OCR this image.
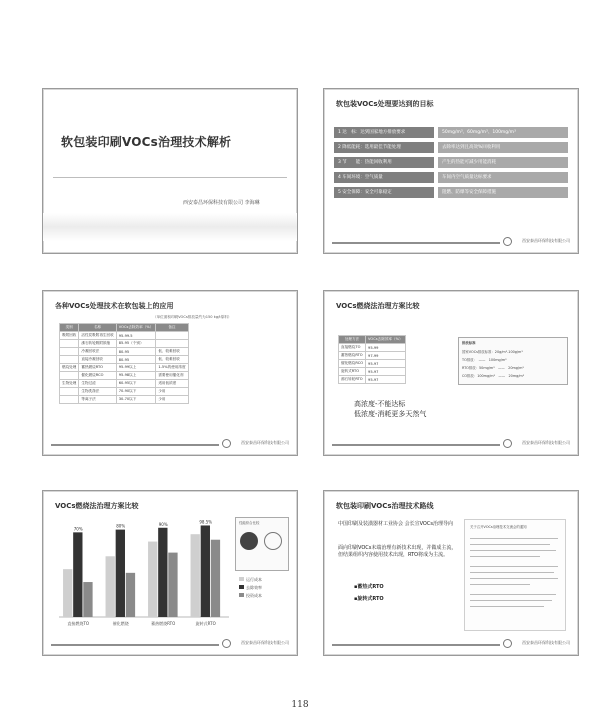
软包装印刷VOCs治理技术解析
西安泰昌环保科技有限公司 李海琳
软包装VOCs处理要达到的目标
1 达　标：达到国家地方排放要求	50mg/m³、60mg/m³、100mg/m³
2 降低能耗：选用最佳节能处理	去除率达到且高效%回收利用
3 节　　能：热能回收利用	产生的热能可减少用能消耗
4 车间环境：空气质量	车间内空气质量达标要求
5 安全保障：安全可靠稳定	阻燃、防爆等安全保障措施
西安泰昌环保科技有限公司
各种VOCs处理技术在软包装上的应用
（单位面积印刷VOCs排放量约为150 kg/t原料）
类别	名称	VOCs去除效率（%）	备注
吸附回收	活性炭吸附再生回收	95-99.5	
	沸石转轮吸附浓缩	85-95（个别）	
	冷凝回收法	80-95	低、较难回收
	直接冷凝回收	80-95	低、较难回收
燃烧处理	蓄热燃烧RTO	95-99以上	1-5%的使用浓度
	催化燃烧RCO	95-98以上	需要使用催化剂
生物处理	生物过滤	60-95以下	适用低浓度
	生物洗涤法	70-90以下	少用
	等离子法	30-70以下	少用
西安泰昌环保科技有限公司
VOCs燃烧法治理方案比较
处理方法	VOCs去除效率（%）
直接燃烧TO	95-99
蓄热燃烧RTO	97-99
催化燃烧RCO	95-97
旋转式RTO	95-97
沸石转轮RTO	95-97
排放标准
国家VOCs排放标准：20g/m³-100g/m³
TO排放：　——　100mg/m³
RTO排放：50mg/m³　——　20mg/m³
CO排放：100mg/m³　——　20mg/m³
高浓度-不能达标
低浓度-消耗更多天然气
西安泰昌环保科技有限公司
VOCs燃烧法治理方案比较
70%
直接燃烧TO
80%
催化燃烧
90%
蓄热燃烧RTO
98.5%
旋转式RTO
性能综合比较
运行成本
去除效率
投资成本
西安泰昌环保科技有限公司
软包装印刷VOCs治理技术路线
中国印刷及装潢器材工业协会 会长宣VOCs治理导向
面向印刷VOCs末端治理有新技术出现，并做成主流，但结果组织内容使用技术出现，RTO将成为主流。
▪蓄热式RTO
▪旋转式RTO
关于召开VOCs治理技术交流会的通知
西安泰昌环保科技有限公司
118
